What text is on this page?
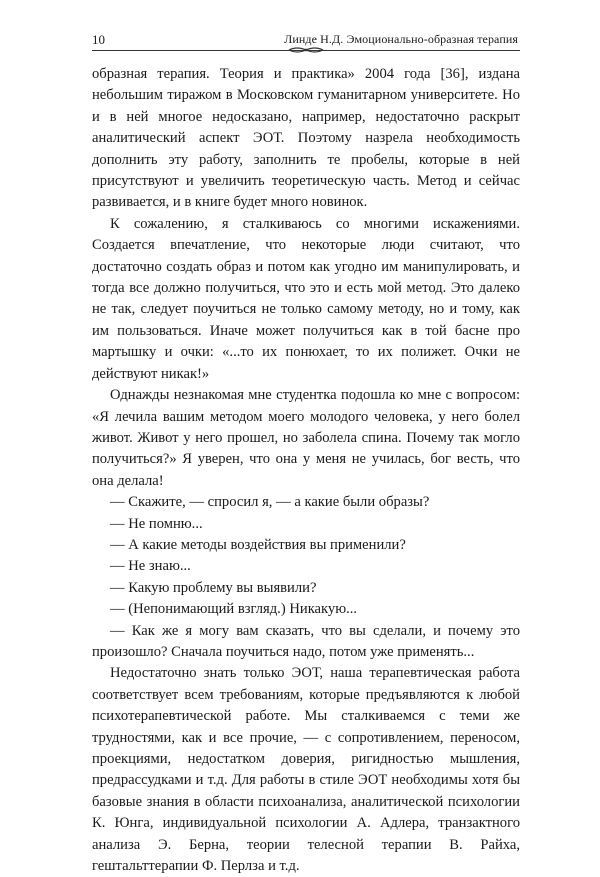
10	Линде Н.Д. Эмоционально-образная терапия

образная терапия. Теория и практика» 2004 года [36], издана небольшим тиражом в Московском гуманитарном университете. Но и в ней многое недосказано, например, недостаточно раскрыт аналитический аспект ЭОТ. Поэтому назрела необходимость дополнить эту работу, заполнить те пробелы, которые в ней присутствуют и увеличить теоретическую часть. Метод и сейчас развивается, и в книге будет много новинок.

К сожалению, я сталкиваюсь со многими искажениями. Создается впечатление, что некоторые люди считают, что достаточно создать образ и потом как угодно им манипулировать, и тогда все должно получиться, что это и есть мой метод. Это далеко не так, следует поучиться не только самому методу, но и тому, как им пользоваться. Иначе может получиться как в той басне про мартышку и очки: «...то их понюхает, то их полижет. Очки не действуют никак!»

Однажды незнакомая мне студентка подошла ко мне с вопросом: «Я лечила вашим методом моего молодого человека, у него болел живот. Живот у него прошел, но заболела спина. Почему так могло получиться?» Я уверен, что она у меня не училась, бог весть, что она делала!

— Скажите, — спросил я, — а какие были образы?

— Не помню...

— А какие методы воздействия вы применили?

— Не знаю...

— Какую проблему вы выявили?

— (Непонимающий взгляд.) Никакую...

— Как же я могу вам сказать, что вы сделали, и почему это произошло? Сначала поучиться надо, потом уже применять...

Недостаточно знать только ЭОТ, наша терапевтическая работа соответствует всем требованиям, которые предъявляются к любой психотерапевтической работе. Мы сталкиваемся с теми же трудностями, как и все прочие, — с сопротивлением, переносом, проекциями, недостатком доверия, ригидностью мышления, предрассудками и т.д. Для работы в стиле ЭОТ необходимы хотя бы базовые знания в области психоанализа, аналитической психологии К. Юнга, индивидуальной психологии А. Адлера, транзактного анализа Э. Берна, теории телесной терапии В. Райха, гештальттерапии Ф. Перлза и т.д.
